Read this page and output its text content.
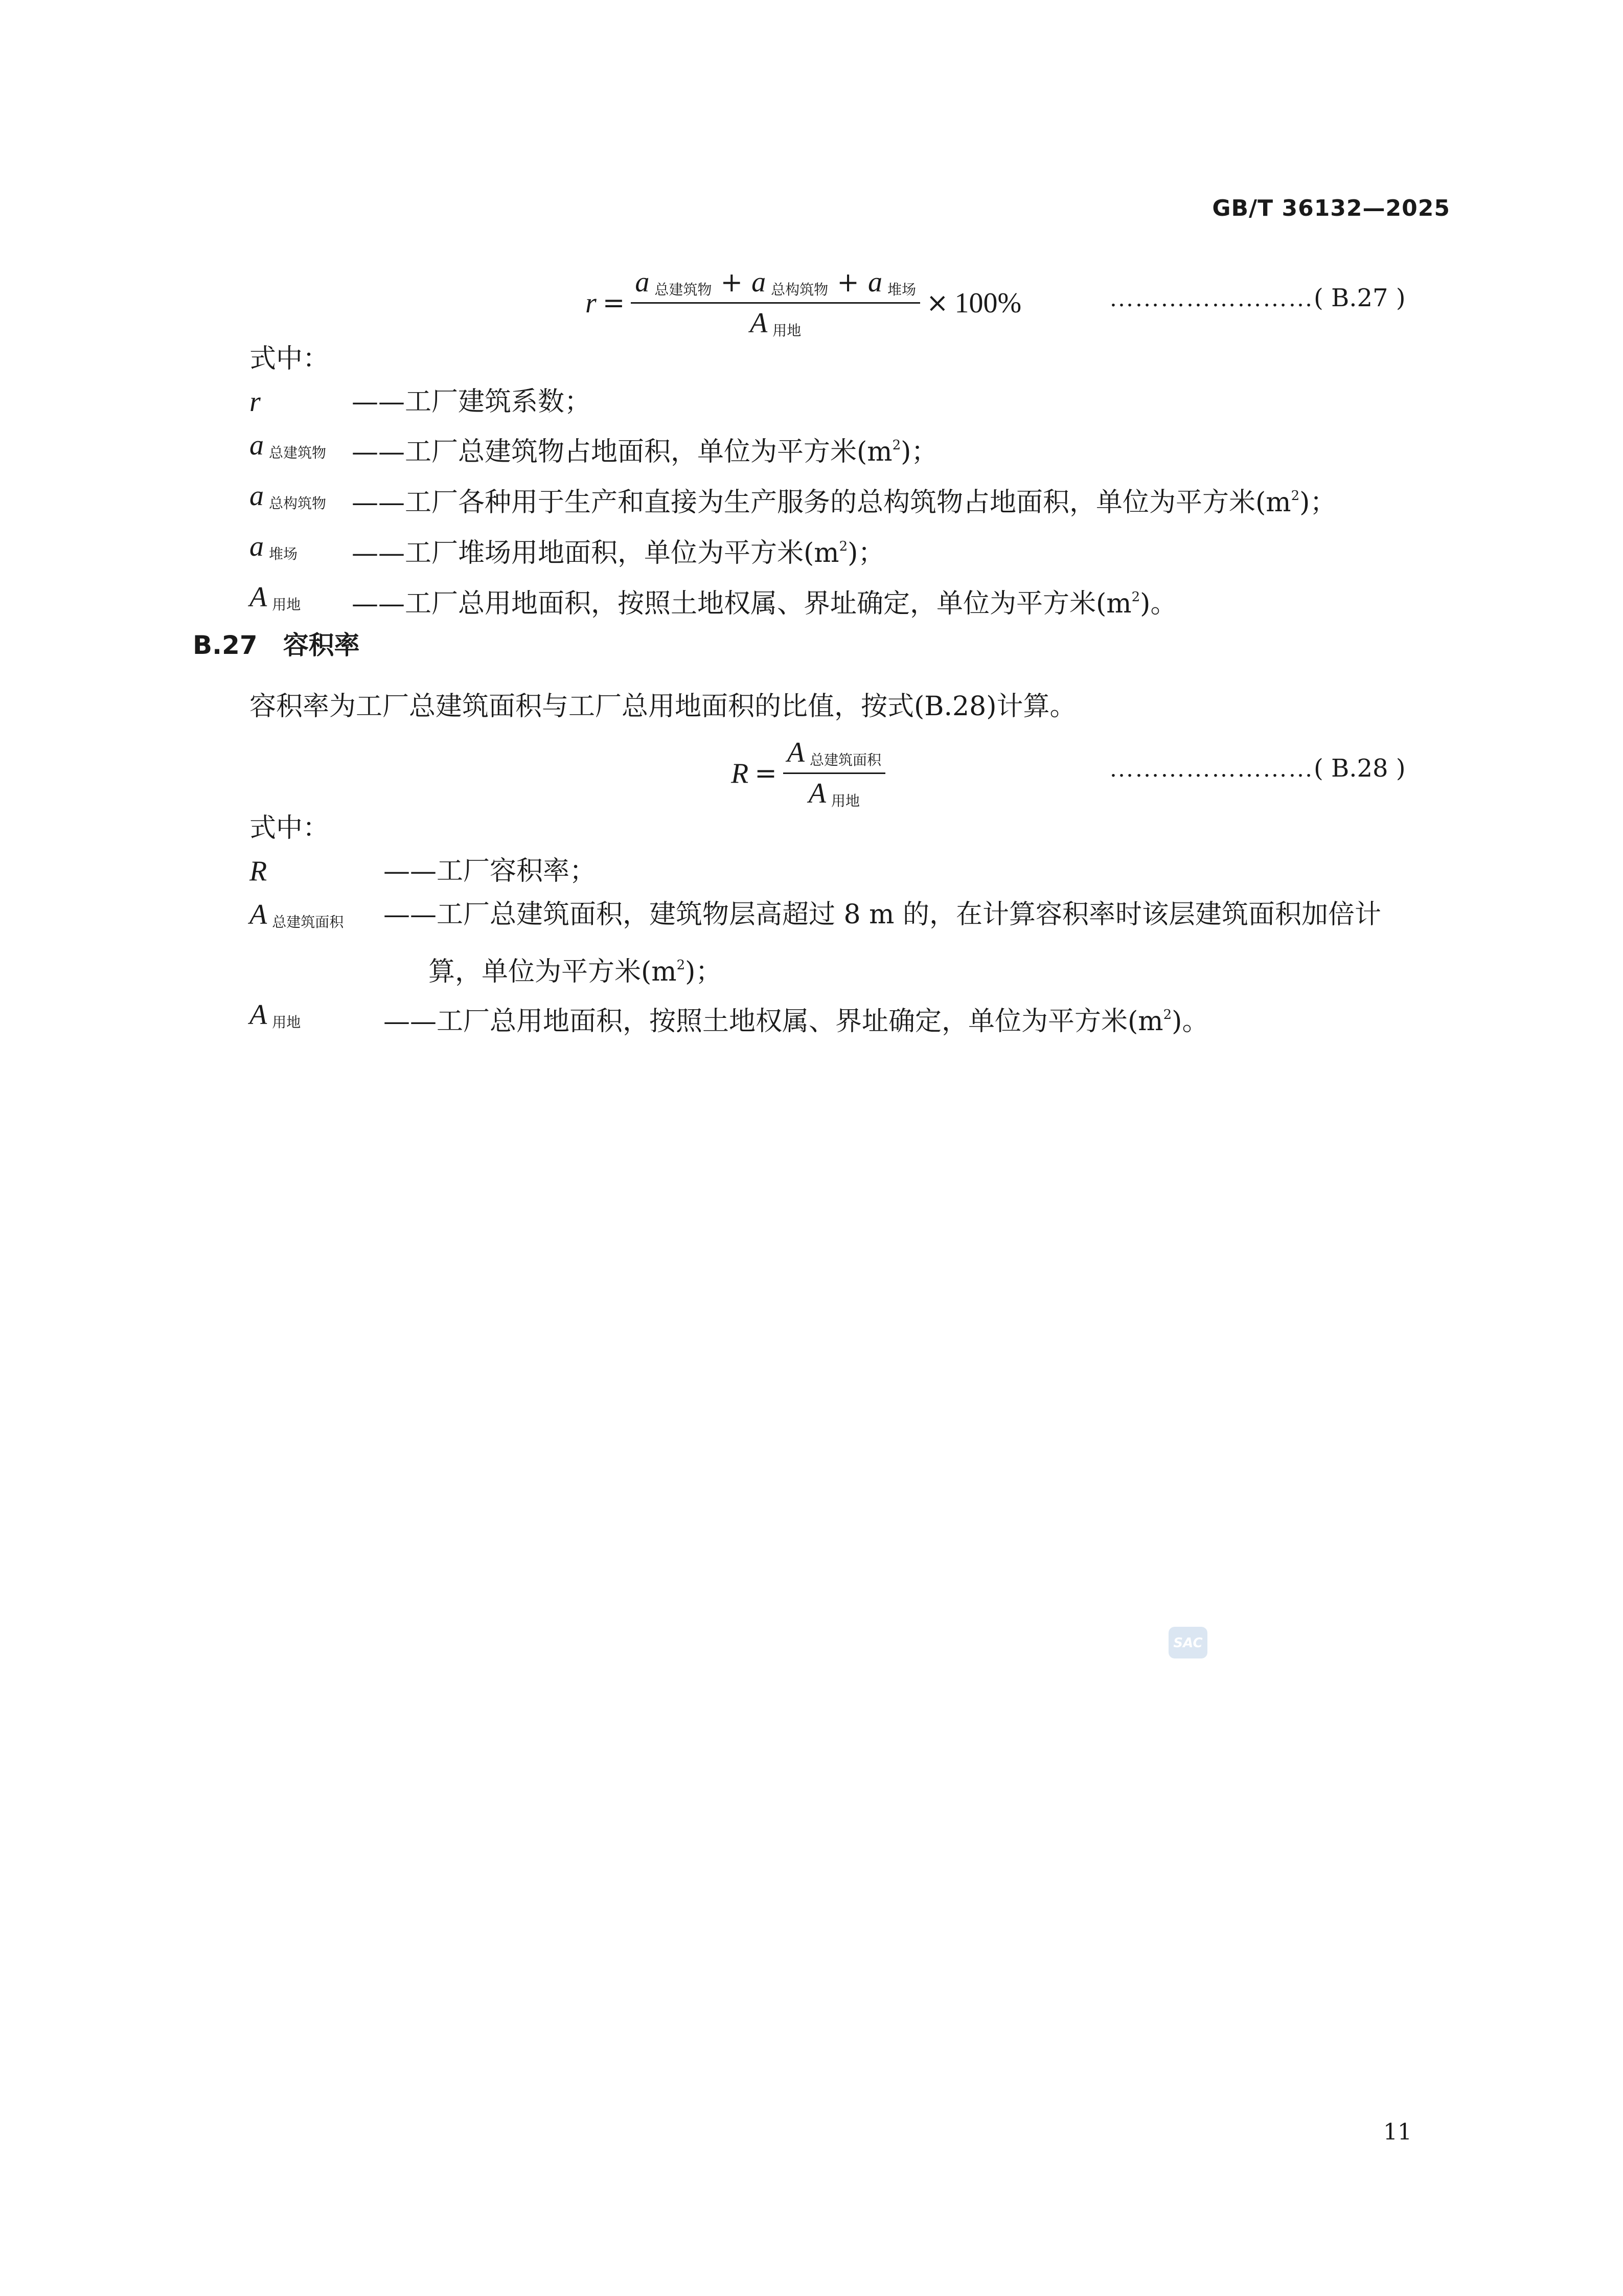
GB/T 36132—2025
$r = \frac{\text{a 总建筑物 + a 总构筑物 + a 堆场}}{\text{A 用地}} \times 100\%$	……………………( B.27 )
式中：
r	——工厂建筑系数；
a $_{总建筑物}$ ——工厂总建筑物占地面积，单位为平方米$(m^2)$；
a $_{总构筑物}$ ——工厂各种用于生产和直接为生产服务的总构筑物占地面积，单位为平方米$(m^2)$；
a $_{堆场}$	——工厂堆场用地面积，单位为平方米$(m^2)$；
A $_{用地}$	——工厂总用地面积，按照土地权属、界址确定，单位为平方米$(m^2)$。
B.27 容积率
容积率为工厂总建筑面积与工厂总用地面积的比值，按式(B.28)计算。
$R = \frac{\text{A 总建筑面积}}{\text{A 用地}}$	……………………( B.28 )
式中：
R	——工厂容积率；
A $_{总建筑面积}$	——工厂总建筑面积，建筑物层高超过 8 m 的，在计算容积率时该层建筑面积加倍计
算，单位为平方米$(m^2)$；
A $_{用地}$	——工厂总用地面积，按照土地权属、界址确定，单位为平方米$(m^2)$。
SAC
11
